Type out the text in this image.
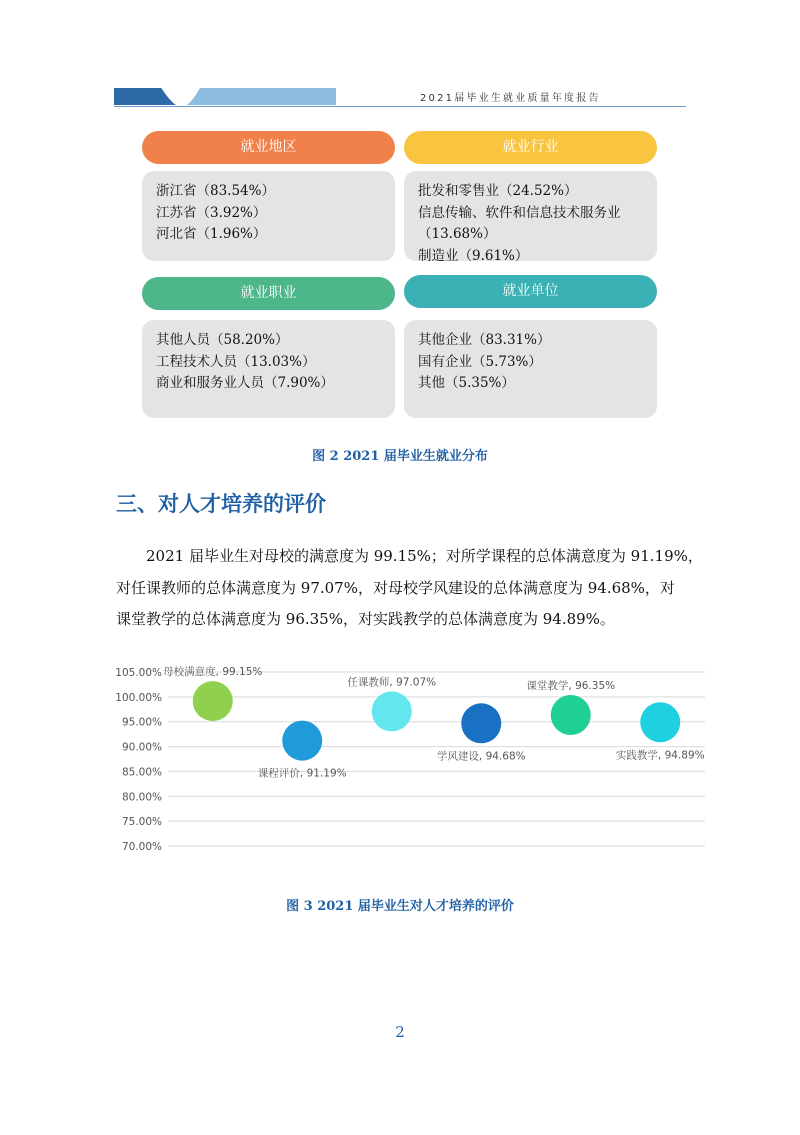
2021届毕业生就业质量年度报告
就业地区
浙江省（83.54%）
江苏省（3.92%）
河北省（1.96%）
就业行业
批发和零售业（24.52%）
信息传输、软件和信息技术服务业
（13.68%）
制造业（9.61%）
就业职业
其他人员（58.20%）
工程技术人员（13.03%）
商业和服务业人员（7.90%）
就业单位
其他企业（83.31%）
国有企业（5.73%）
其他（5.35%）
图 2 2021 届毕业生就业分布
三、对人才培养的评价
2021 届毕业生对母校的满意度为 99.15%；对所学课程的总体满意度为 91.19%，
对任课教师的总体满意度为 97.07%，对母校学风建设的总体满意度为 94.68%，对
课堂教学的总体满意度为 96.35%，对实践教学的总体满意度为 94.89%。
70.00%
75.00%
80.00%
85.00%
90.00%
95.00%
100.00%
105.00% 母校满意度, 99.15%
课程评价, 91.19%
任课教师, 97.07%
学风建设, 94.68%
课堂教学, 96.35%
实践教学, 94.89%
图 3 2021 届毕业生对人才培养的评价
2
